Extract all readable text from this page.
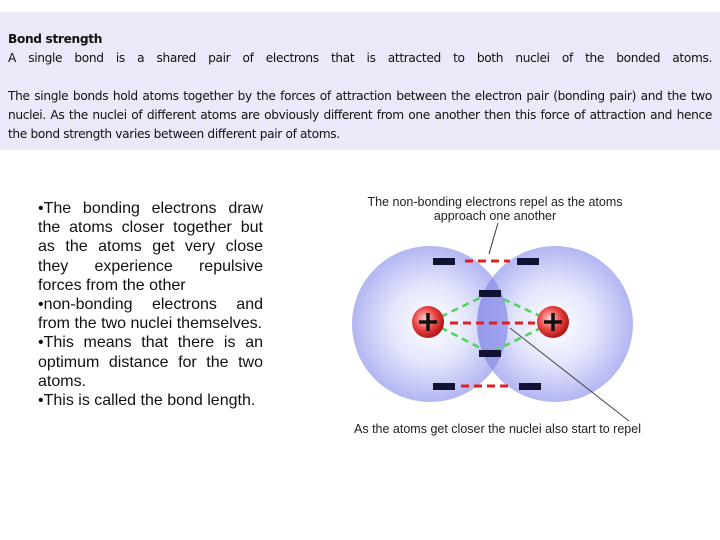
Bond strength
A single bond is a shared pair of electrons that is attracted to both nuclei of the bonded atoms.
The single bonds hold atoms together by the forces of attraction between the electron pair (bonding pair) and the two nuclei. As the nuclei of different atoms are obviously different from one another then this force of attraction and hence the bond strength varies between different pair of atoms.
•The bonding electrons draw the atoms closer together but as the atoms get very close they experience repulsive forces from the other
•non-bonding electrons and from the two nuclei themselves.
•This means that there is an optimum distance for the two atoms.
•This is called the bond length.
The non-bonding electrons repel as the atoms
approach one another
As the atoms get closer the nuclei also start to repel
